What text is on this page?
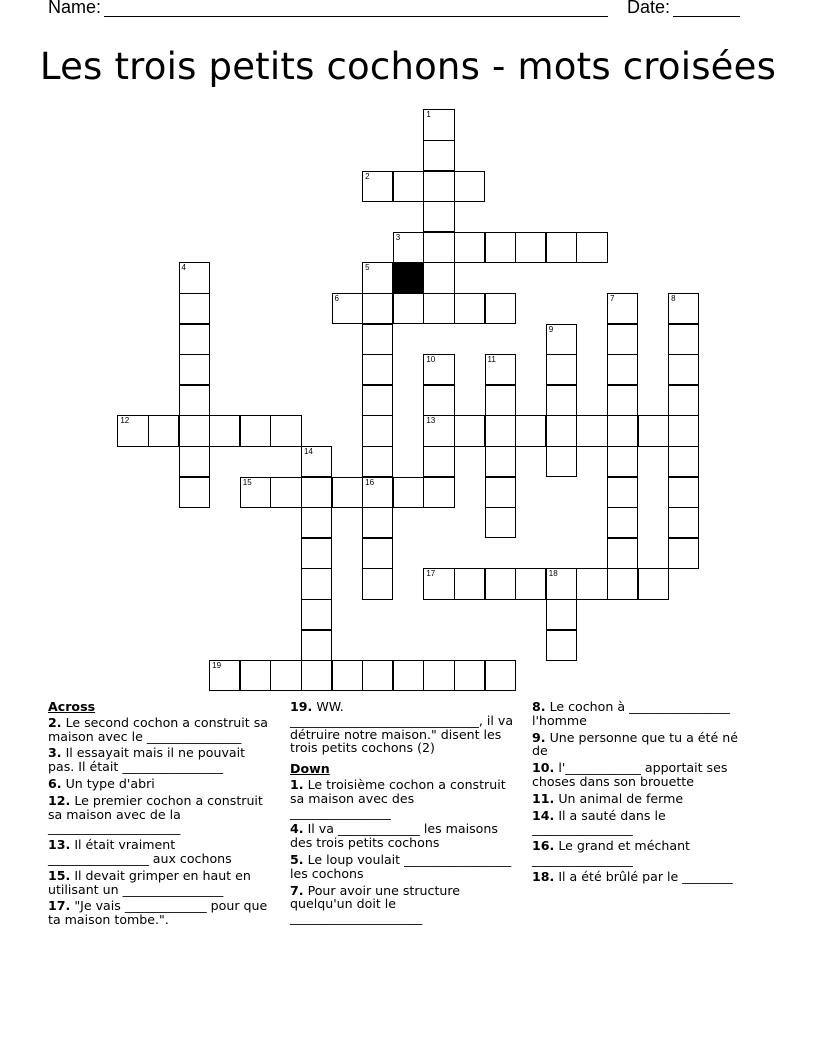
Name:	Date:
Les trois petits cochons - mots croisées
1
2
3
4	5
6	7	8
9
10
13
11
12
14
15	16
17	18
19
Across
2. Le second cochon a construit sa maison avec le _______________
3. Il essayait mais il ne pouvait pas. Il était ________________
6. Un type d'abri
12. Le premier cochon a construit sa maison avec de la _____________________
13. Il était vraiment ________________ aux cochons
15. Il devait grimper en haut en utilisant un ________________
17. "Je vais _____________ pour que ta maison tombe.".
19. WW. ______________________________, il va détruire notre maison." disent les trois petits cochons (2)
Down
1. Le troisième cochon a construit sa maison avec des ________________
4. Il va _____________ les maisons des trois petits cochons
5. Le loup voulait _________________ les cochons
7. Pour avoir une structure quelqu'un doit le _____________________
8. Le cochon à ________________ l'homme
9. Une personne que tu a été né de
10. l'____________ apportait ses choses dans son brouette
11. Un animal de ferme
14. Il a sauté dans le ________________
16. Le grand et méchant ________________
18. Il a été brûlé par le ________
